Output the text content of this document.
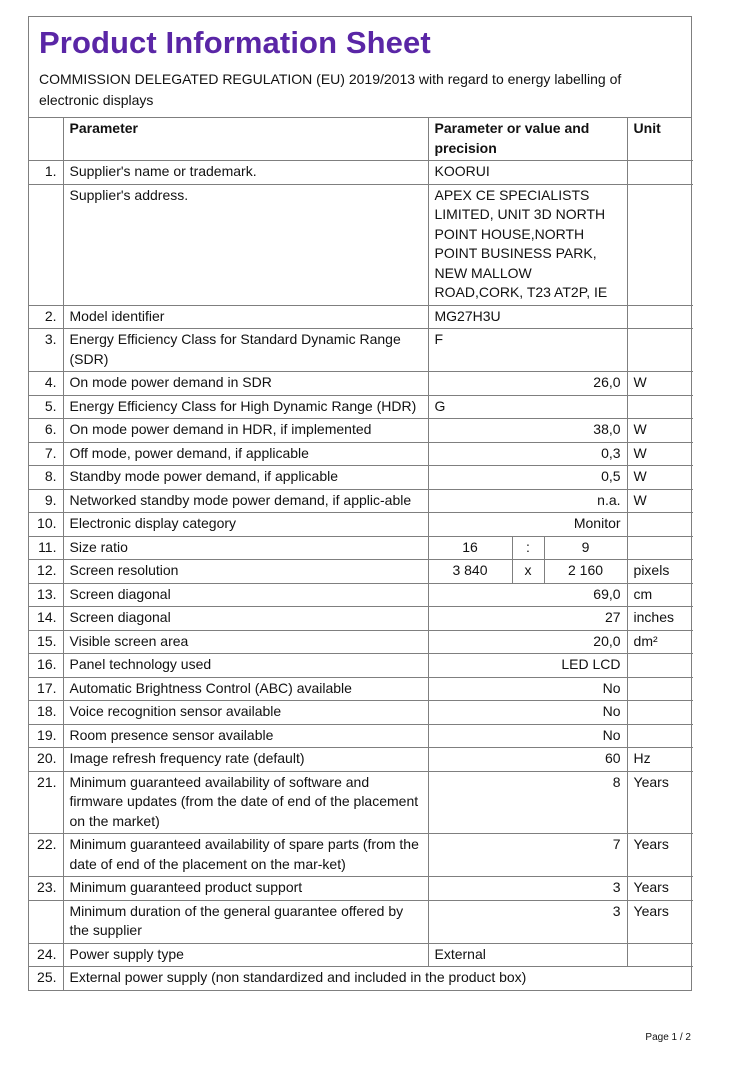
Product Information Sheet
COMMISSION DELEGATED REGULATION (EU) 2019/2013 with regard to energy labelling of electronic displays
	Parameter	Parameter or value and precision			Unit
1.	Supplier's name or trademark.	KOORUI			
	Supplier's address.	APEX CE SPECIALISTS LIMITED, UNIT 3D NORTH POINT HOUSE,NORTH POINT BUSINESS PARK, NEW MALLOW ROAD,CORK, T23 AT2P, IE			
2.	Model identifier	MG27H3U			
3.	Energy Efficiency Class for Standard Dynamic Range (SDR)	F			
4.	On mode power demand in SDR	26,0			W
5.	Energy Efficiency Class for High Dynamic Range (HDR)	G			
6.	On mode power demand in HDR, if implemented	38,0			W
7.	Off mode, power demand, if applicable	0,3			W
8.	Standby mode power demand, if applicable	0,5			W
9.	Networked standby mode power demand, if applic-able	n.a.			W
10.	Electronic display category	Monitor			
11.	Size ratio	16	:	9	
12.	Screen resolution	3 840	x	2 160	pixels
13.	Screen diagonal	69,0			cm
14.	Screen diagonal	27			inches
15.	Visible screen area	20,0			dm²
16.	Panel technology used	LED LCD			
17.	Automatic Brightness Control (ABC) available	No			
18.	Voice recognition sensor available	No			
19.	Room presence sensor available	No			
20.	Image refresh frequency rate (default)	60			Hz
21.	Minimum guaranteed availability of software and firmware updates (from the date of end of the placement on the market)	8			Years
22.	Minimum guaranteed availability of spare parts (from the date of end of the placement on the mar-ket)	7			Years
23.	Minimum guaranteed product support	3			Years
	Minimum duration of the general guarantee offered by the supplier	3			Years
24.	Power supply type	External			
25.	External power supply (non standardized and included in the product box)				
Page 1 / 2
